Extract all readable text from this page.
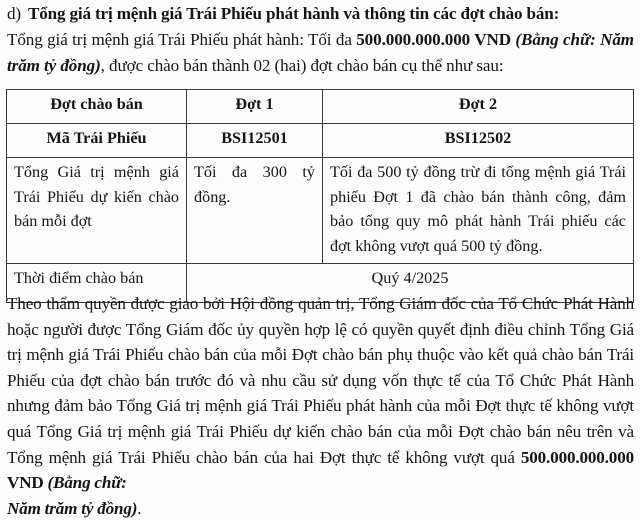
d) Tổng giá trị mệnh giá Trái Phiếu phát hành và thông tin các đợt chào bán:
Tổng giá trị mệnh giá Trái Phiếu phát hành: Tối đa 500.000.000.000 VND (Bằng chữ: Năm trăm tỷ đồng), được chào bán thành 02 (hai) đợt chào bán cụ thể như sau:
Đợt chào bán	Đợt 1	Đợt 2
Mã Trái Phiếu	BSI12501	BSI12502
Tổng Giá trị mệnh giá Trái Phiếu dự kiến chào bán mỗi đợt	Tối đa 300 tỷ đồng.	Tối đa 500 tỷ đồng trừ đi tổng mệnh giá Trái phiếu Đợt 1 đã chào bán thành công, đảm bảo tổng quy mô phát hành Trái phiếu các đợt không vượt quá 500 tỷ đồng.
Thời điểm chào bán	Quý 4/2025	
Theo thẩm quyền được giao bởi Hội đồng quản trị, Tổng Giám đốc của Tổ Chức Phát Hành hoặc người được Tổng Giám đốc ủy quyền hợp lệ có quyền quyết định điều chỉnh Tổng Giá trị mệnh giá Trái Phiếu chào bán của mỗi Đợt chào bán phụ thuộc vào kết quả chào bán Trái Phiếu của đợt chào bán trước đó và nhu cầu sử dụng vốn thực tế của Tổ Chức Phát Hành nhưng đảm bảo Tổng Giá trị mệnh giá Trái Phiếu phát hành của mỗi Đợt thực tế không vượt quá Tổng Giá trị mệnh giá Trái Phiếu dự kiến chào bán của mỗi Đợt chào bán nêu trên và Tổng mệnh giá Trái Phiếu chào bán của hai Đợt thực tế không vượt quá 500.000.000.000 VND (Bằng chữ:
Năm trăm tỷ đồng).
